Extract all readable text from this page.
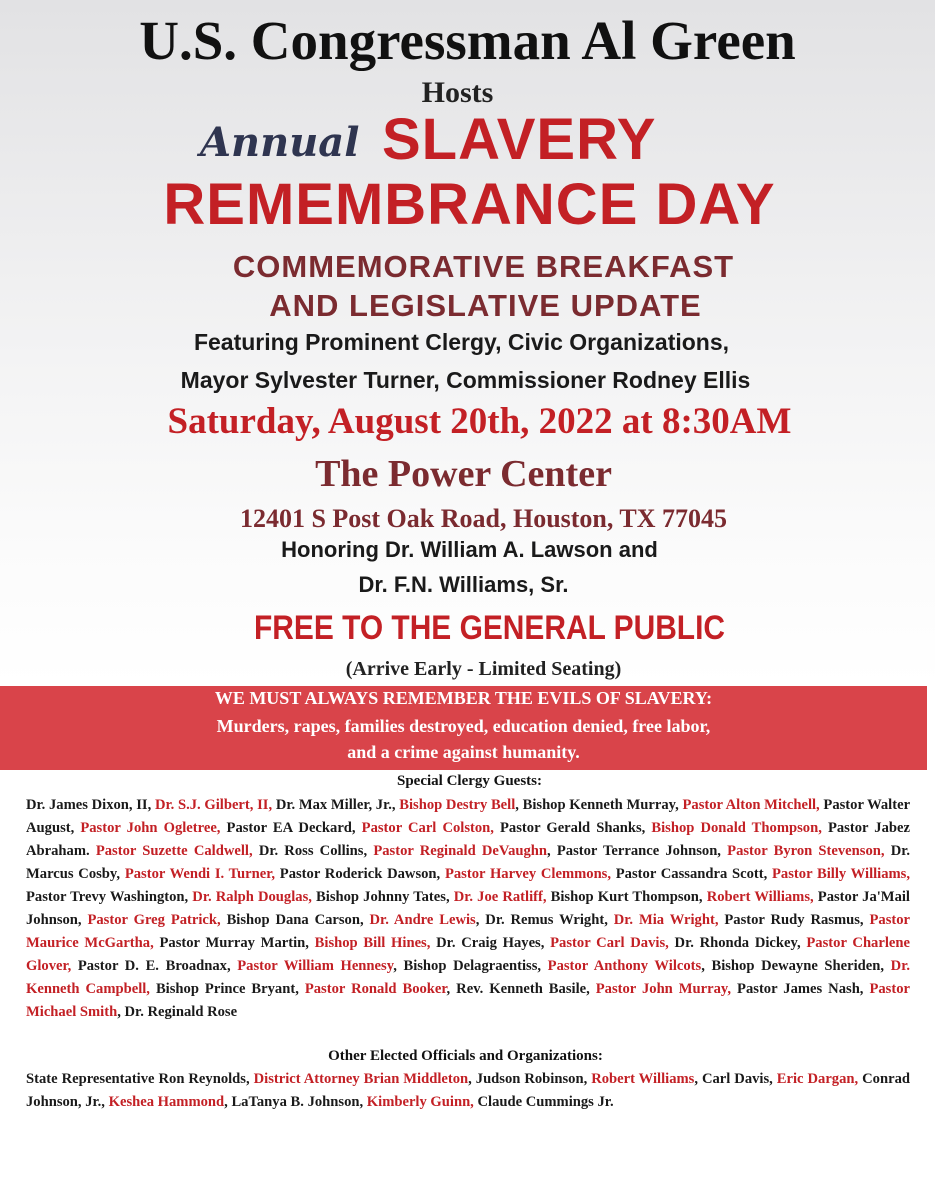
U.S. Congressman Al Green
Hosts
Annual SLAVERY
REMEMBRANCE DAY
COMMEMORATIVE BREAKFAST
AND LEGISLATIVE UPDATE
Featuring Prominent Clergy, Civic Organizations,
Mayor Sylvester Turner, Commissioner Rodney Ellis
Saturday, August 20th, 2022 at 8:30AM
The Power Center
12401 S Post Oak Road, Houston, TX 77045
Honoring Dr. William A. Lawson and
Dr. F.N. Williams, Sr.
FREE TO THE GENERAL PUBLIC
(Arrive Early - Limited Seating)
WE MUST ALWAYS REMEMBER THE EVILS OF SLAVERY:
Murders, rapes, families destroyed, education denied, free labor,
and a crime against humanity.
Special Clergy Guests:
Dr. James Dixon, II, Dr. S.J. Gilbert, II, Dr. Max Miller, Jr., Bishop Destry Bell, Bishop Kenneth Murray, Pastor Alton Mitchell, Pastor Walter August, Pastor John Ogletree, Pastor EA Deckard, Pastor Carl Colston, Pastor Gerald Shanks, Bishop Donald Thompson, Pastor Jabez Abraham. Pastor Suzette Caldwell, Dr. Ross Collins, Pastor Reginald DeVaughn, Pastor Terrance Johnson, Pastor Byron Stevenson, Dr. Marcus Cosby, Pastor Wendi I. Turner, Pastor Roderick Dawson, Pastor Harvey Clemmons, Pastor Cassandra Scott, Pastor Billy Williams, Pastor Trevy Washington, Dr. Ralph Douglas, Bishop Johnny Tates, Dr. Joe Ratliff, Bishop Kurt Thompson, Robert Williams, Pastor Ja'Mail Johnson, Pastor Greg Patrick, Bishop Dana Carson, Dr. Andre Lewis, Dr. Remus Wright, Dr. Mia Wright, Pastor Rudy Rasmus, Pastor Maurice McGartha, Pastor Murray Martin, Bishop Bill Hines, Dr. Craig Hayes, Pastor Carl Davis, Dr. Rhonda Dickey, Pastor Charlene Glover, Pastor D. E. Broadnax, Pastor William Hennesy, Bishop Delagraentiss, Pastor Anthony Wilcots, Bishop Dewayne Sheriden, Dr. Kenneth Campbell, Bishop Prince Bryant, Pastor Ronald Booker, Rev. Kenneth Basile, Pastor John Murray, Pastor James Nash, Pastor Michael Smith, Dr. Reginald Rose
Other Elected Officials and Organizations:
State Representative Ron Reynolds, District Attorney Brian Middleton, Judson Robinson, Robert Williams, Carl Davis, Eric Dargan, Conrad Johnson, Jr., Keshea Hammond, LaTanya B. Johnson, Kimberly Guinn, Claude Cummings Jr.
